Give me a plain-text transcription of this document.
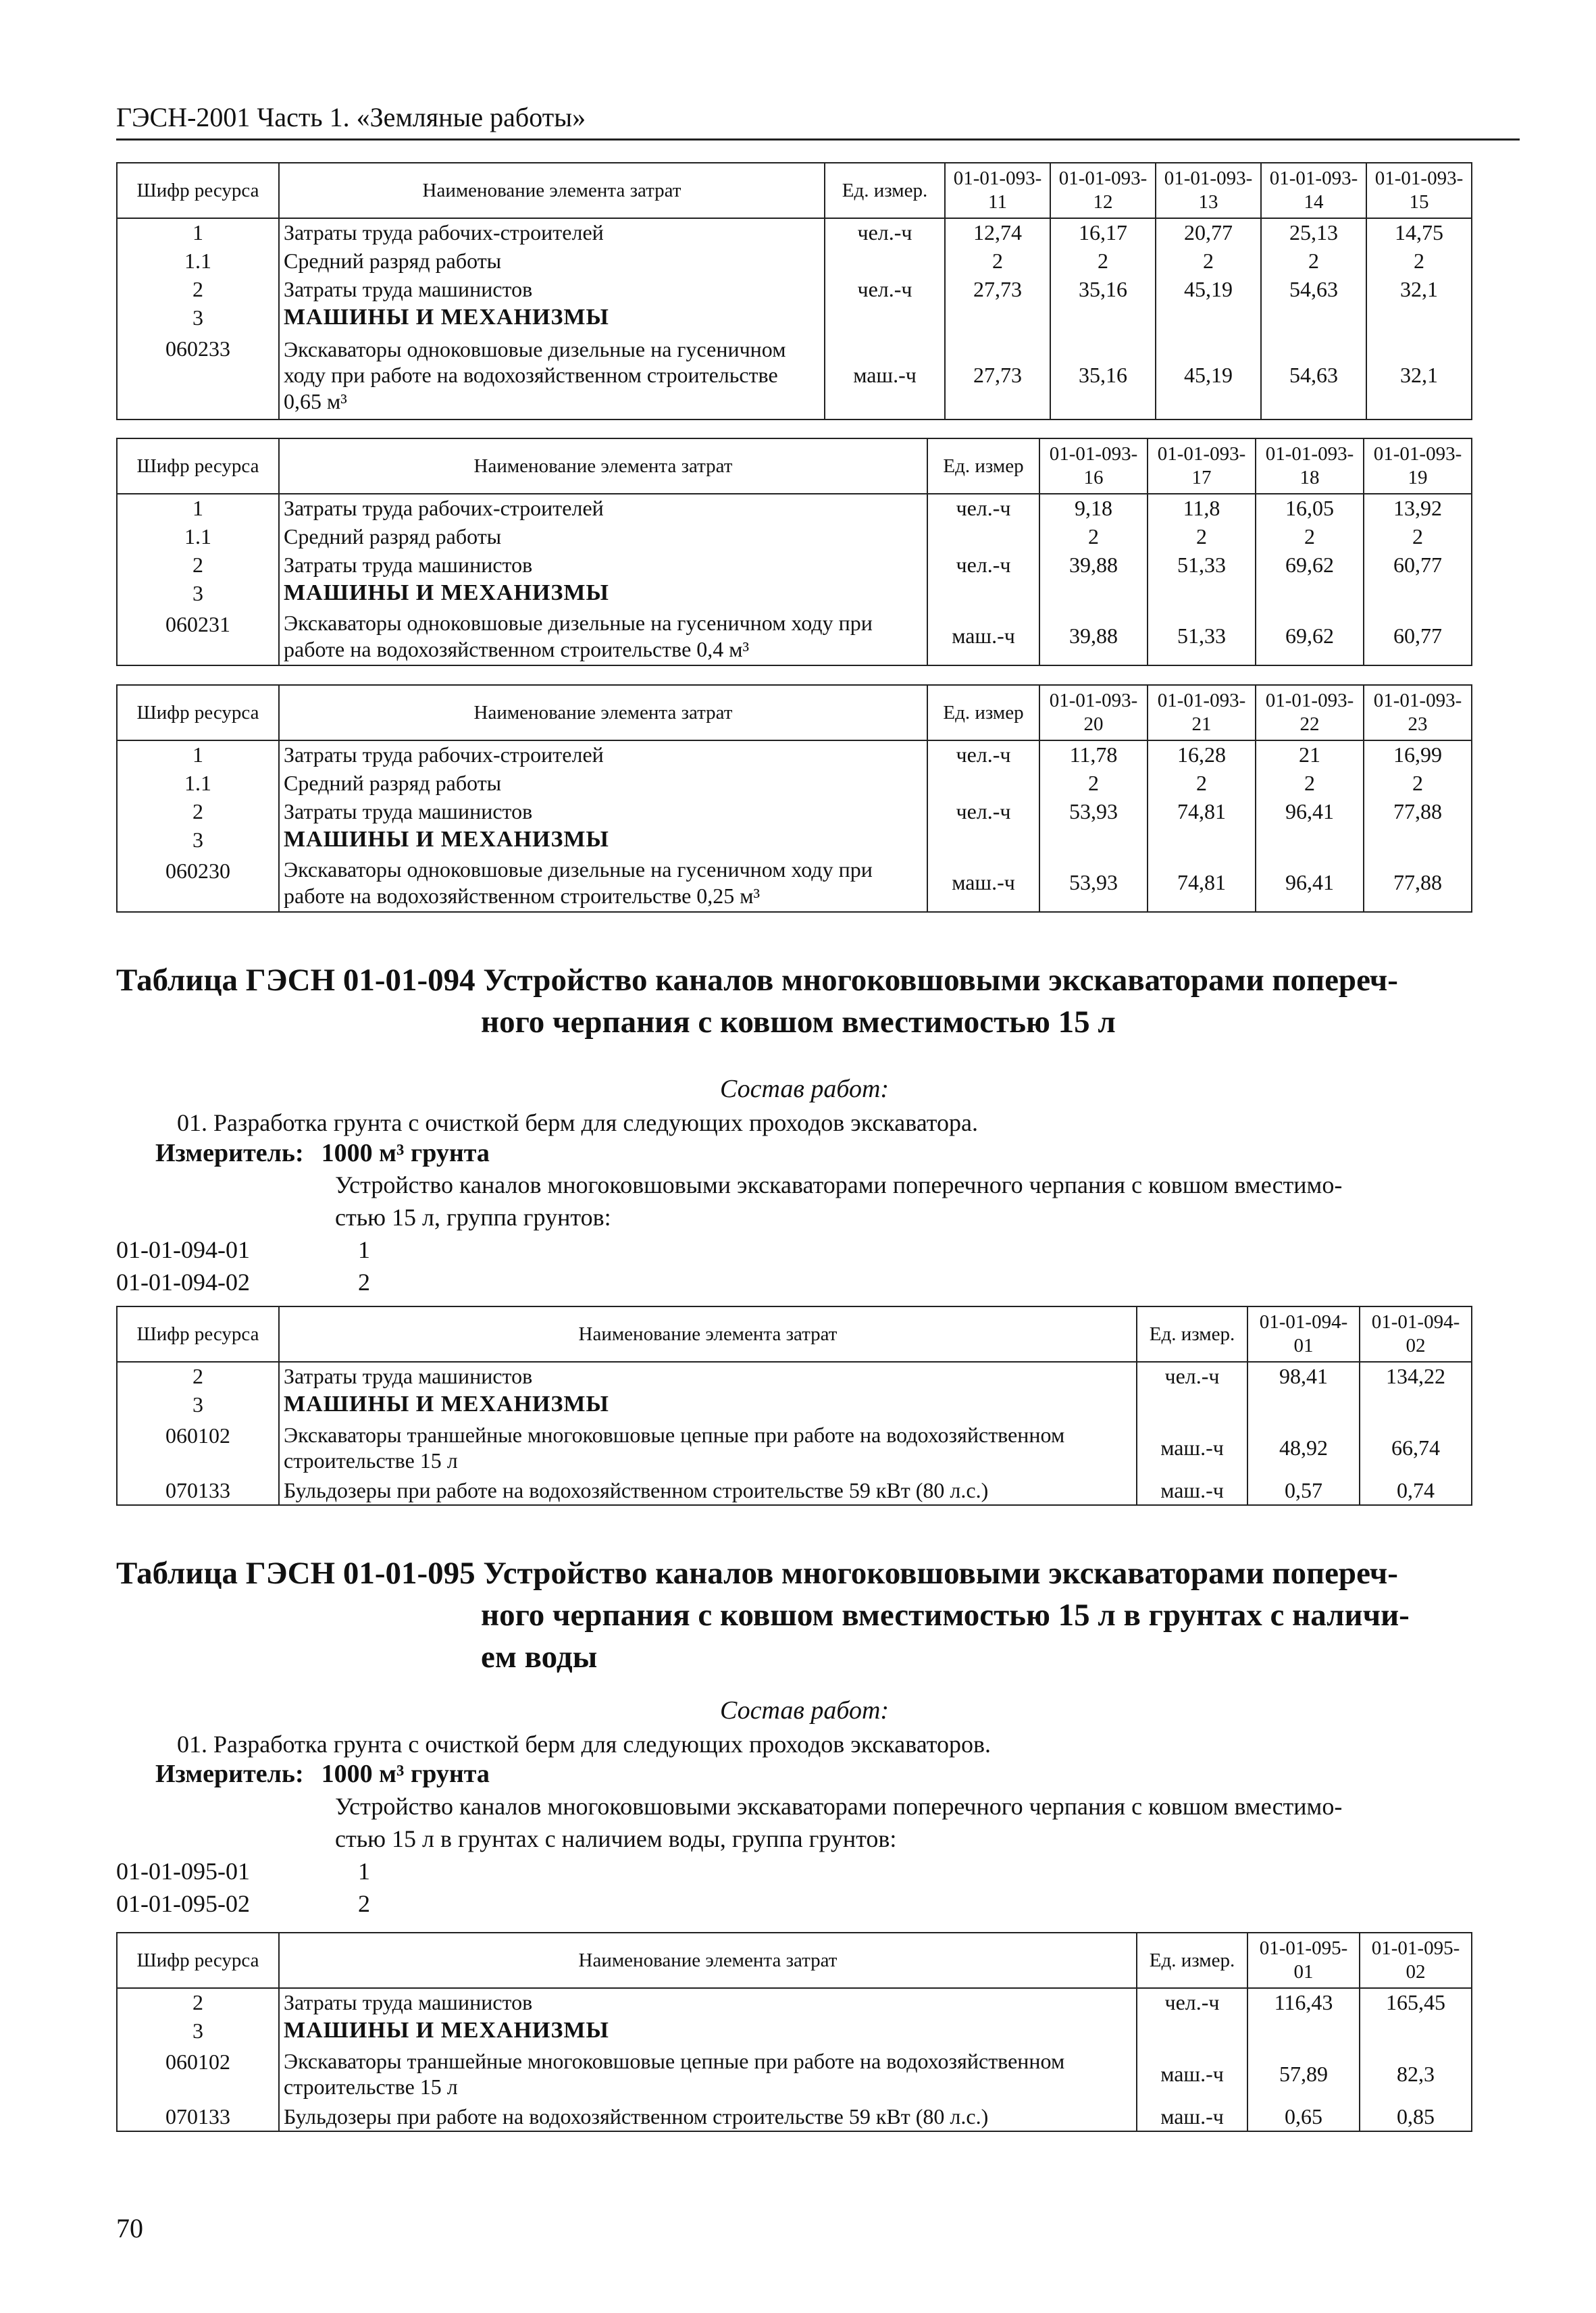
ГЭСН-2001 Часть 1. «Земляные работы»
Шифр ресурса	Наименование элемента затрат	Ед. измер.	01-01-093-11	01-01-093-12	01-01-093-13	01-01-093-14	01-01-093-15
1	Затраты труда рабочих-строителей	чел.-ч	12,74	16,17	20,77	25,13	14,75
1.1	Средний разряд работы		2	2	2	2	2
2	Затраты труда машинистов	чел.-ч	27,73	35,16	45,19	54,63	32,1
3	МАШИНЫ И МЕХАНИЗМЫ						
060233	Экскаваторы одноковшовые дизельные на гусеничном ходу при работе на водохозяйственном строительстве 0,65 м³	маш.-ч	27,73	35,16	45,19	54,63	32,1
Шифр ресурса	Наименование элемента затрат	Ед. измер	01-01-093-16	01-01-093-17	01-01-093-18	01-01-093-19
1	Затраты труда рабочих-строителей	чел.-ч	9,18	11,8	16,05	13,92
1.1	Средний разряд работы		2	2	2	2
2	Затраты труда машинистов	чел.-ч	39,88	51,33	69,62	60,77
3	МАШИНЫ И МЕХАНИЗМЫ					
060231	Экскаваторы одноковшовые дизельные на гусеничном ходу при работе на водохозяйственном строительстве 0,4 м³	маш.-ч	39,88	51,33	69,62	60,77
Шифр ресурса	Наименование элемента затрат	Ед. измер	01-01-093-20	01-01-093-21	01-01-093-22	01-01-093-23
1	Затраты труда рабочих-строителей	чел.-ч	11,78	16,28	21	16,99
1.1	Средний разряд работы		2	2	2	2
2	Затраты труда машинистов	чел.-ч	53,93	74,81	96,41	77,88
3	МАШИНЫ И МЕХАНИЗМЫ					
060230	Экскаваторы одноковшовые дизельные на гусеничном ходу при работе на водохозяйственном строительстве 0,25 м³	маш.-ч	53,93	74,81	96,41	77,88
Таблица ГЭСН 01-01-094 Устройство каналов многоковшовыми экскаваторами попереч-
ного черпания с ковшом вместимостью 15 л
Состав работ:
01. Разработка грунта с очисткой берм для следующих проходов экскаватора.
Измеритель: 1000 м³ грунта
Устройство каналов многоковшовыми экскаваторами поперечного черпания с ковшом вместимо-
стью 15 л, группа грунтов:
01-01-094-01	1
01-01-094-02	2
Шифр ресурса	Наименование элемента затрат	Ед. измер.	01-01-094-01	01-01-094-02
2	Затраты труда машинистов	чел.-ч	98,41	134,22
3	МАШИНЫ И МЕХАНИЗМЫ			
060102	Экскаваторы траншейные многоковшовые цепные при работе на водохозяйственном строительстве 15 л	маш.-ч	48,92	66,74
070133	Бульдозеры при работе на водохозяйственном строительстве 59 кВт (80 л.с.)	маш.-ч	0,57	0,74
Таблица ГЭСН 01-01-095 Устройство каналов многоковшовыми экскаваторами попереч-
ного черпания с ковшом вместимостью 15 л в грунтах с наличи-
ем воды
Состав работ:
01. Разработка грунта с очисткой берм для следующих проходов экскаваторов.
Измеритель: 1000 м³ грунта
Устройство каналов многоковшовыми экскаваторами поперечного черпания с ковшом вместимо-
стью 15 л в грунтах с наличием воды, группа грунтов:
01-01-095-01	1
01-01-095-02	2
Шифр ресурса	Наименование элемента затрат	Ед. измер.	01-01-095-01	01-01-095-02
2	Затраты труда машинистов	чел.-ч	116,43	165,45
3	МАШИНЫ И МЕХАНИЗМЫ			
060102	Экскаваторы траншейные многоковшовые цепные при работе на водохозяйственном строительстве 15 л	маш.-ч	57,89	82,3
070133	Бульдозеры при работе на водохозяйственном строительстве 59 кВт (80 л.с.)	маш.-ч	0,65	0,85
70
